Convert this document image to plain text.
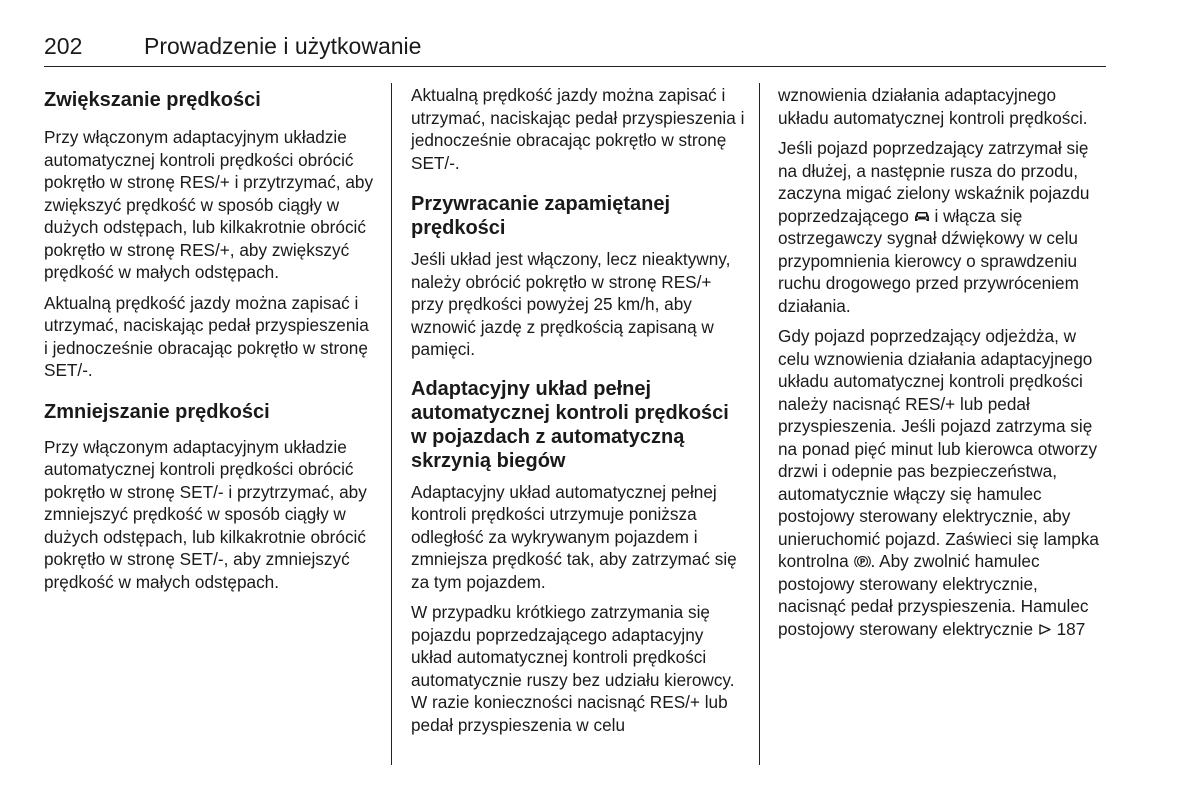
202	Prowadzenie i użytkowanie
Zwiększanie prędkości

Przy włączonym adaptacyjnym układzie automatycznej kontroli prędkości obrócić pokrętło w stronę RES/+ i przytrzymać, aby zwiększyć prędkość w sposób ciągły w dużych odstępach, lub kilkakrotnie obrócić pokrętło w stronę RES/+, aby zwiększyć prędkość w małych odstępach.

Aktualną prędkość jazdy można zapisać i utrzymać, naciskając pedał przyspieszenia i jednocześnie obracając pokrętło w stronę SET/-.

Zmniejszanie prędkości

Przy włączonym adaptacyjnym układzie automatycznej kontroli prędkości obrócić pokrętło w stronę SET/- i przytrzymać, aby zmniejszyć prędkość w sposób ciągły w dużych odstępach, lub kilkakrotnie obrócić pokrętło w stronę SET/-, aby zmniejszyć prędkość w małych odstępach.

Aktualną prędkość jazdy można zapisać i utrzymać, naciskając pedał przyspieszenia i jednocześnie obracając pokrętło w stronę SET/-.

Przywracanie zapamiętanej prędkości

Jeśli układ jest włączony, lecz nieaktywny, należy obrócić pokrętło w stronę RES/+ przy prędkości powyżej 25 km/h, aby wznowić jazdę z prędkością zapisaną w pamięci.

Adaptacyjny układ pełnej automatycznej kontroli prędkości w pojazdach z automatyczną skrzynią biegów

Adaptacyjny układ automatycznej pełnej kontroli prędkości utrzymuje poniższa odległość za wykrywanym pojazdem i zmniejsza prędkość tak, aby zatrzymać się za tym pojazdem.

W przypadku krótkiego zatrzymania się pojazdu poprzedzającego adaptacyjny układ automatycznej kontroli prędkości automatycznie ruszy bez udziału kierowcy. W razie konieczności nacisnąć RES/+ lub pedał przyspieszenia w celu

wznowienia działania adaptacyjnego układu automatycznej kontroli prędkości.

Jeśli pojazd poprzedzający zatrzymał się na dłużej, a następnie rusza do przodu, zaczyna migać zielony wskaźnik pojazdu poprzedzającego i włącza się ostrzegawczy sygnał dźwiękowy w celu przypomnienia kierowcy o sprawdzeniu ruchu drogowego przed przywróceniem działania.

Gdy pojazd poprzedzający odjeżdża, w celu wznowienia działania adaptacyjnego układu automatycznej kontroli prędkości należy nacisnąć RES/+ lub pedał przyspieszenia. Jeśli pojazd zatrzyma się na ponad pięć minut lub kierowca otworzy drzwi i odepnie pas bezpieczeństwa, automatycznie włączy się hamulec postojowy sterowany elektrycznie, aby unieruchomić pojazd. Zaświeci się lampka kontrolna P . Aby zwolnić hamulec postojowy sterowany elektrycznie, nacisnąć pedał przyspieszenia. Hamulec postojowy sterowany elektrycznie 187
